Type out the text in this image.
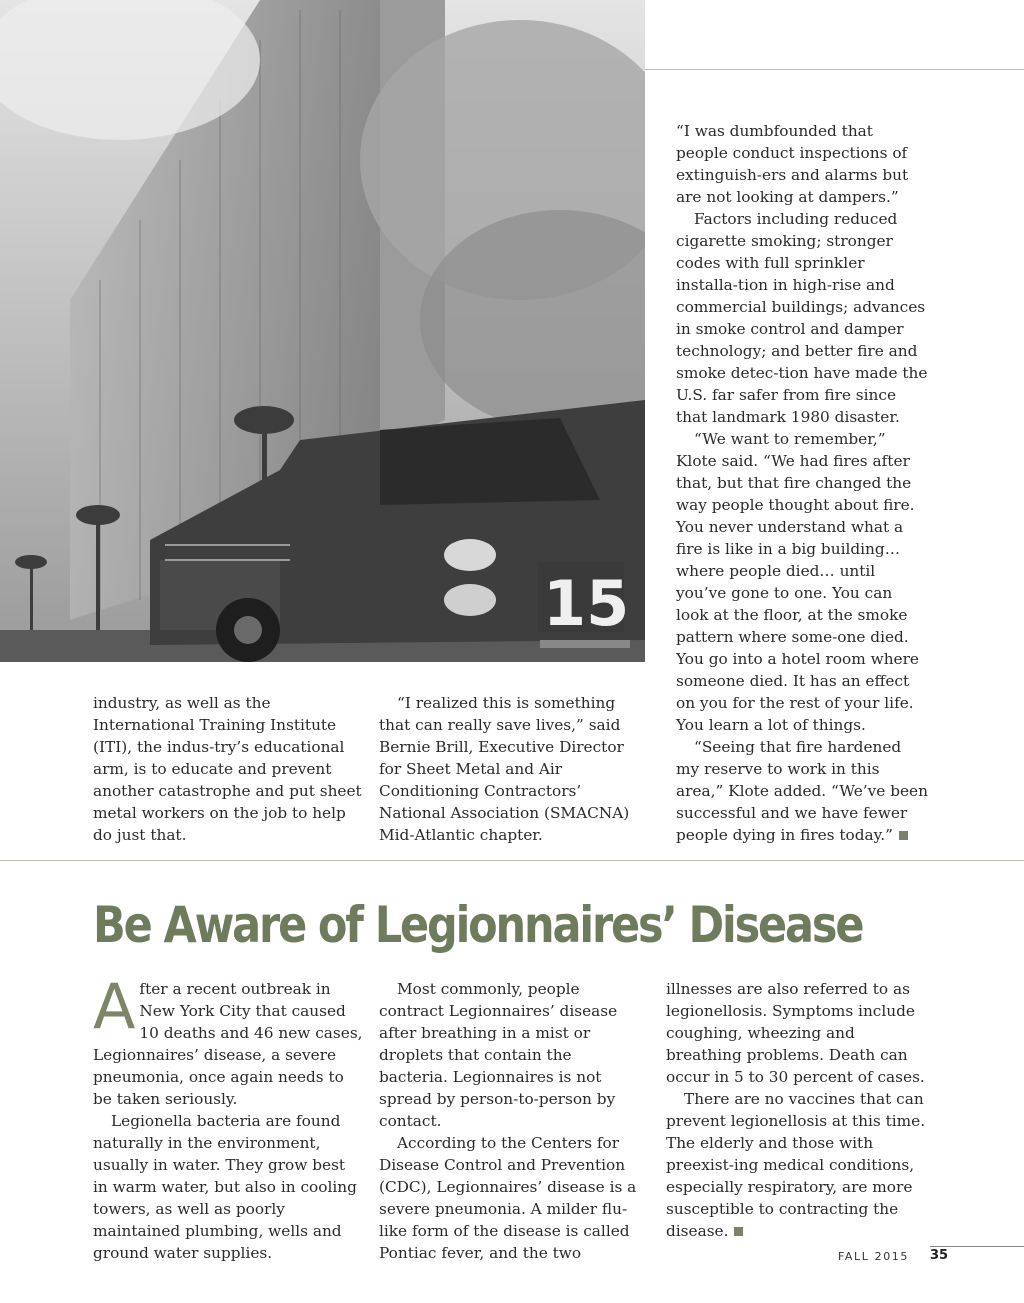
15

industry, as well as the International Training Institute (ITI), the indus-try’s educational arm, is to educate and prevent another catastrophe and put sheet metal workers on the job to help do just that.

“I realized this is something that can really save lives,” said Bernie Brill, Executive Director for Sheet Metal and Air Conditioning Contractors’ National Association (SMACNA) Mid-Atlantic chapter.

“I was dumbfounded that people conduct inspections of extinguish-ers and alarms but are not looking at dampers.”

Factors including reduced cigarette smoking; stronger codes with full sprinkler installa-tion in high-rise and commercial buildings; advances in smoke control and damper technology; and better fire and smoke detec-tion have made the U.S. far safer from fire since that landmark 1980 disaster.

“We want to remember,” Klote said. “We had fires after that, but that fire changed the way people thought about fire. You never understand what a fire is like in a big building… where people died… until you’ve gone to one. You can look at the floor, at the smoke pattern where some-one died. You go into a hotel room where someone died. It has an effect on you for the rest of your life. You learn a lot of things.

“Seeing that fire hardened my reserve to work in this area,” Klote added. “We’ve been successful and we have fewer people dying in fires today.”

Be Aware of Legionnaires’ Disease

After a recent outbreak in New York City that caused 10 deaths and 46 new cases, Legionnaires’ disease, a severe pneumonia, once again needs to be taken seriously.

Legionella bacteria are found naturally in the environment, usually in water. They grow best in warm water, but also in cooling towers, as well as poorly maintained plumbing, wells and ground water supplies.

Most commonly, people contract Legionnaires’ disease after breathing in a mist or droplets that contain the bacteria. Legionnaires is not spread by person-to-person by contact.

According to the Centers for Disease Control and Prevention (CDC), Legionnaires’ disease is a severe pneumonia. A milder flu-like form of the disease is called Pontiac fever, and the two

illnesses are also referred to as legionellosis. Symptoms include coughing, wheezing and breathing problems. Death can occur in 5 to 30 percent of cases.

There are no vaccines that can prevent legionellosis at this time. The elderly and those with preexist-ing medical conditions, especially respiratory, are more susceptible to contracting the disease.

FALL 2015 35
